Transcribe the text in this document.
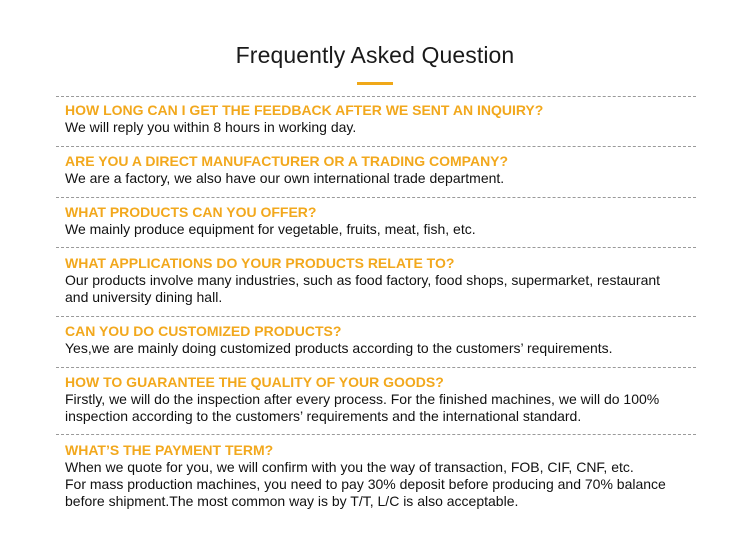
Frequently Asked Question
HOW LONG CAN I GET THE FEEDBACK AFTER WE SENT AN INQUIRY?
We will reply you within 8 hours in working day.
ARE YOU A DIRECT MANUFACTURER OR A TRADING COMPANY?
We are a factory, we also have our own international trade department.
WHAT PRODUCTS CAN YOU OFFER?
We mainly produce equipment for vegetable, fruits, meat, fish, etc.
WHAT APPLICATIONS DO YOUR PRODUCTS RELATE TO?
Our products involve many industries, such as food factory, food shops, supermarket, restaurant
and university dining hall.
CAN YOU DO CUSTOMIZED PRODUCTS?
Yes,we are mainly doing customized products according to the customers’ requirements.
HOW TO GUARANTEE THE QUALITY OF YOUR GOODS?
Firstly, we will do the inspection after every process. For the finished machines, we will do 100%
inspection according to the customers’ requirements and the international standard.
WHAT’S THE PAYMENT TERM?
When we quote for you, we will confirm with you the way of transaction, FOB, CIF, CNF, etc.
For mass production machines, you need to pay 30% deposit before producing and 70% balance
before shipment.The most common way is by T/T, L/C is also acceptable.
